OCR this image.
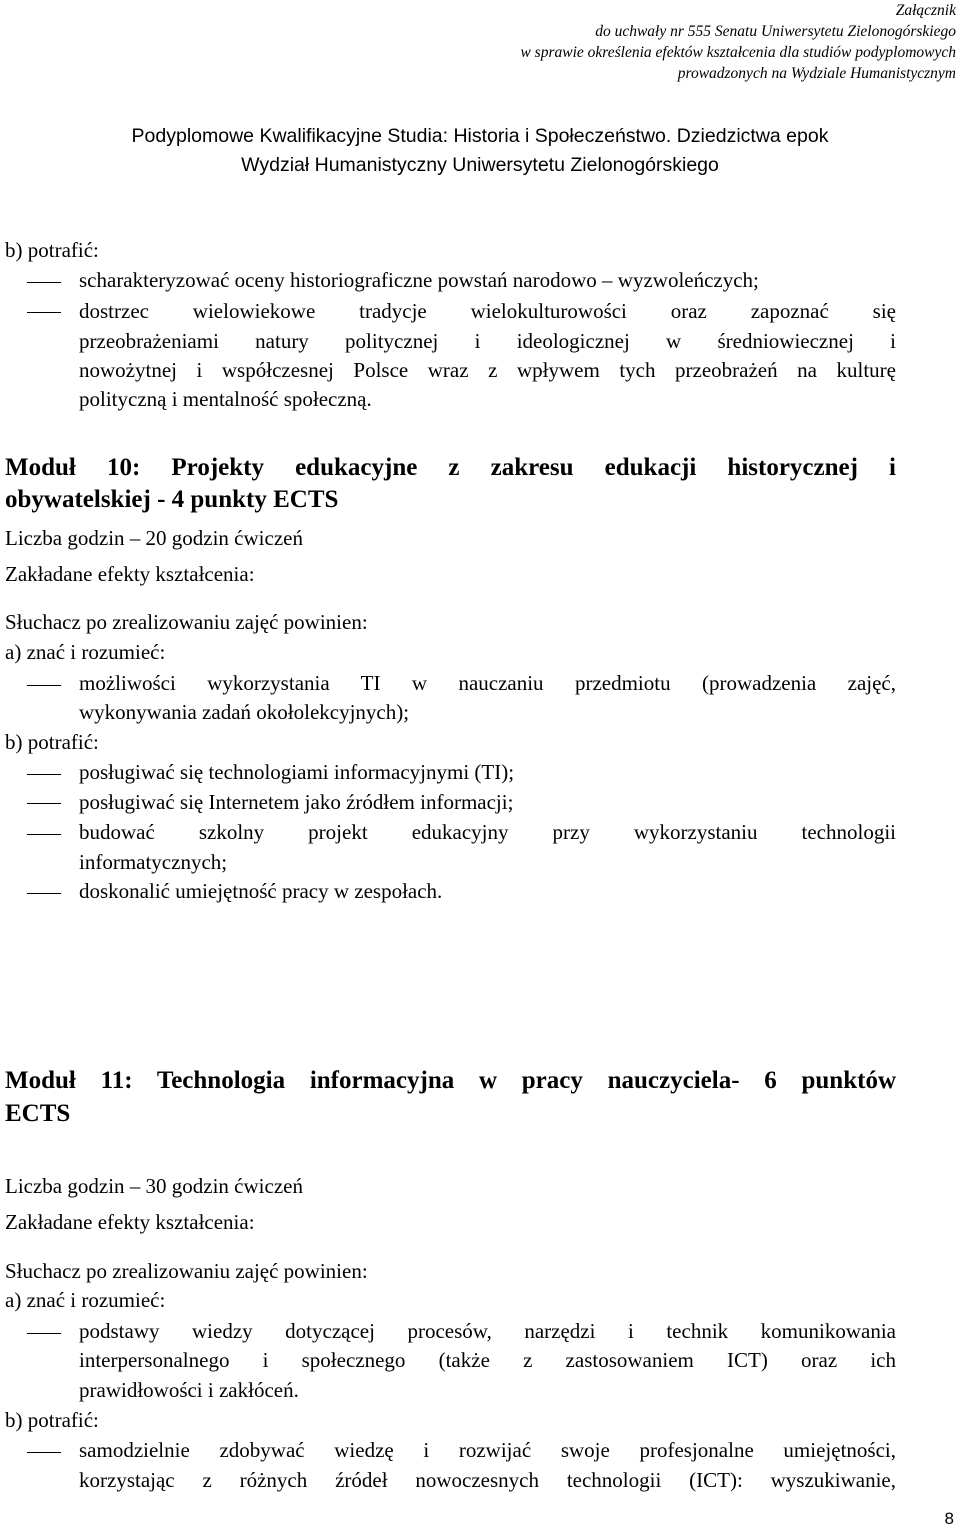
Załącznik
do uchwały nr 555 Senatu Uniwersytetu Zielonogórskiego
w sprawie określenia efektów kształcenia dla studiów podyplomowych
prowadzonych na Wydziale Humanistycznym
Podyplomowe Kwalifikacyjne Studia: Historia i Społeczeństwo. Dziedzictwa epok
Wydział Humanistyczny Uniwersytetu Zielonogórskiego
b) potrafić:
scharakteryzować oceny historiograficzne powstań narodowo – wyzwoleńczych;
dostrzec wielowiekowe tradycje wielokulturowości oraz zapoznać się
przeobrażeniami natury politycznej i ideologicznej w średniowiecznej i
nowożytnej i współczesnej Polsce wraz z wpływem tych przeobrażeń na kulturę
polityczną i mentalność społeczną.
Moduł 10: Projekty edukacyjne z zakresu edukacji historycznej i
obywatelskiej - 4 punkty ECTS
Liczba godzin – 20 godzin ćwiczeń
Zakładane efekty kształcenia:
Słuchacz po zrealizowaniu zajęć powinien:
a) znać i rozumieć:
możliwości wykorzystania TI w nauczaniu przedmiotu (prowadzenia zajęć,
wykonywania zadań okołolekcyjnych);
b) potrafić:
posługiwać się technologiami informacyjnymi (TI);
posługiwać się Internetem jako źródłem informacji;
budować szkolny projekt edukacyjny przy wykorzystaniu technologii
informatycznych;
doskonalić umiejętność pracy w zespołach.
Moduł 11: Technologia informacyjna w pracy nauczyciela- 6 punktów
ECTS
Liczba godzin – 30 godzin ćwiczeń
Zakładane efekty kształcenia:
Słuchacz po zrealizowaniu zajęć powinien:
a) znać i rozumieć:
podstawy wiedzy dotyczącej procesów, narzędzi i technik komunikowania
interpersonalnego i społecznego (także z zastosowaniem ICT) oraz ich
prawidłowości i zakłóceń.
b) potrafić:
samodzielnie zdobywać wiedzę i rozwijać swoje profesjonalne umiejętności,
korzystając z różnych źródeł nowoczesnych technologii (ICT): wyszukiwanie,
8
